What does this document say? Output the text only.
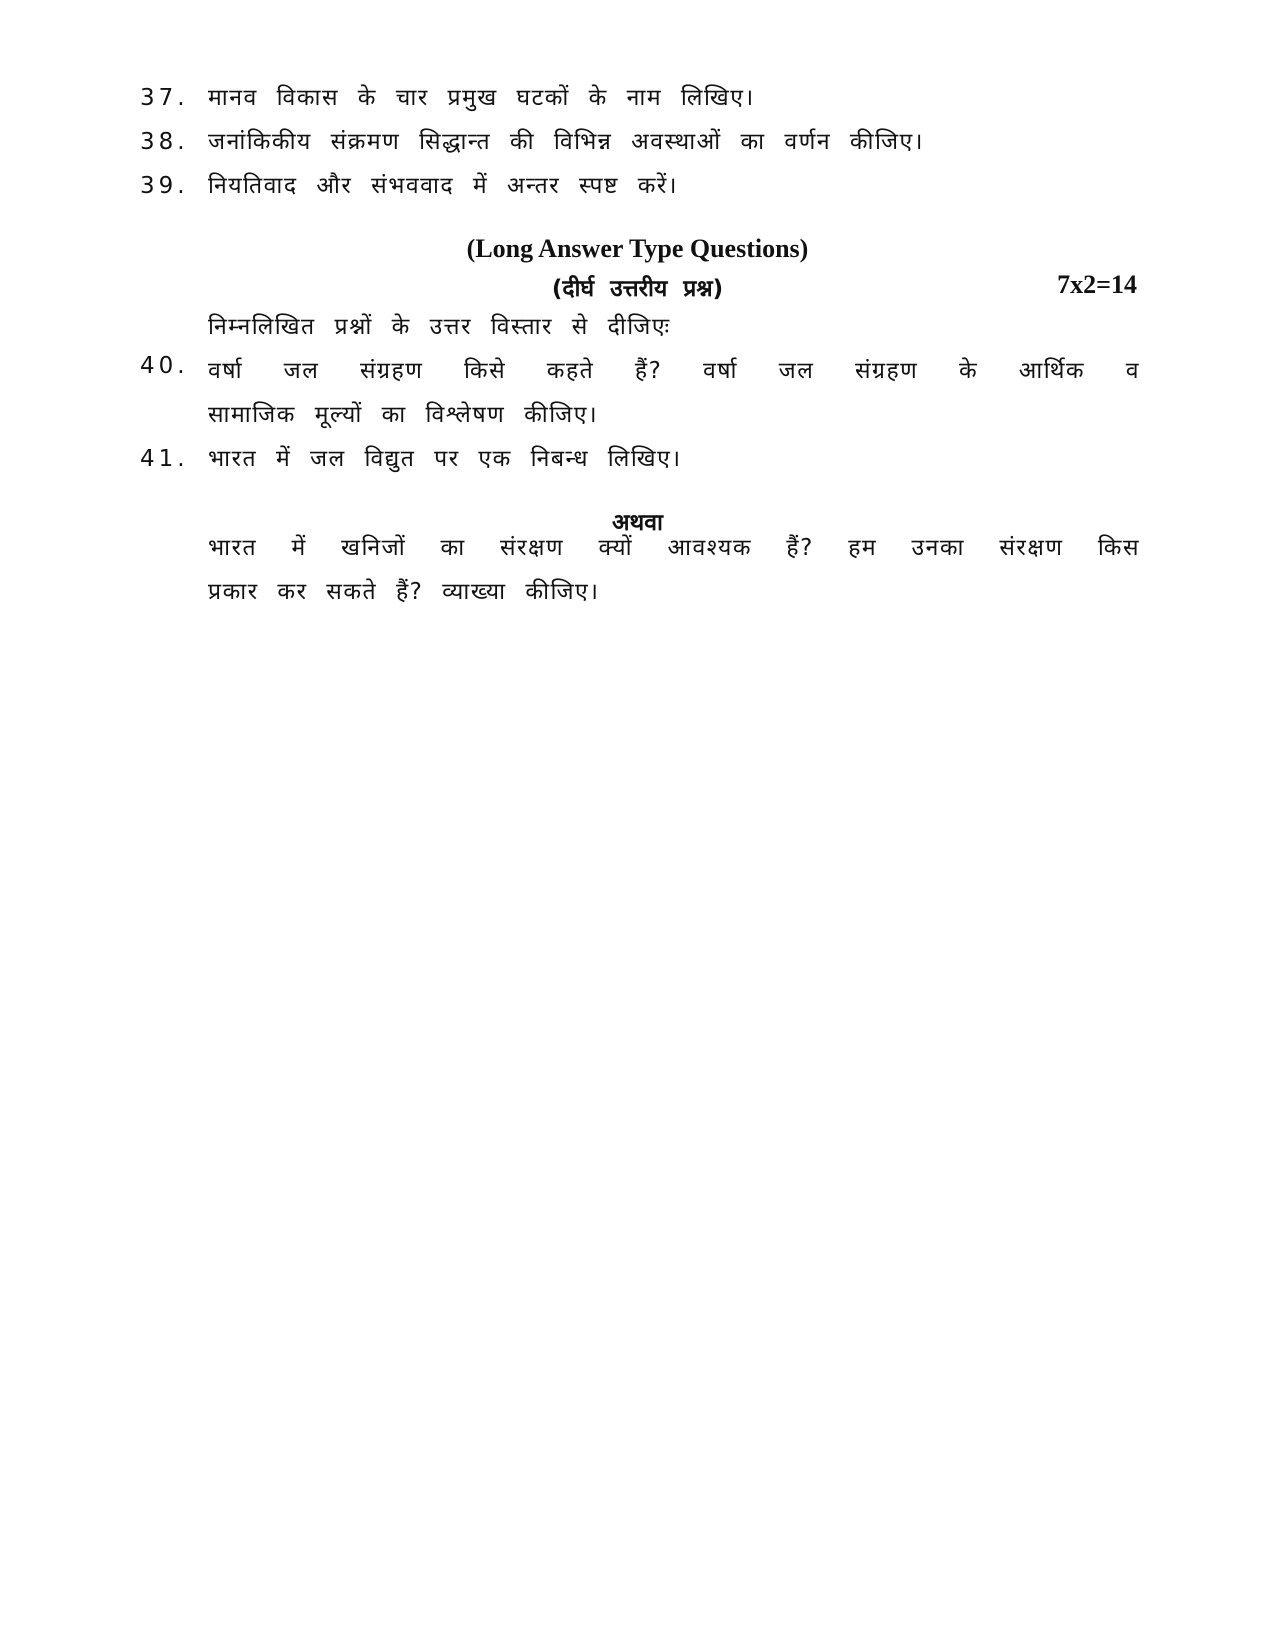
37. मानव विकास के चार प्रमुख घटकों के नाम लिखिए।
38. जनांकिकीय संक्रमण सिद्धान्त की विभिन्न अवस्थाओं का वर्णन कीजिए।
39. नियतिवाद और संभववाद में अन्तर स्पष्ट करें।
(Long Answer Type Questions)
(दीर्घ उत्तरीय प्रश्न)	7x2=14
निम्नलिखित प्रश्नों के उत्तर विस्तार से दीजिएः
40. वर्षा जल संग्रहण किसे कहते हैं? वर्षा जल संग्रहण के आर्थिक व
सामाजिक मूल्यों का विश्लेषण कीजिए।
41. भारत में जल विद्युत पर एक निबन्ध लिखिए।
अथवा
भारत में खनिजों का संरक्षण क्यों आवश्यक हैं? हम उनका संरक्षण किस
प्रकार कर सकते हैं? व्याख्या कीजिए।
